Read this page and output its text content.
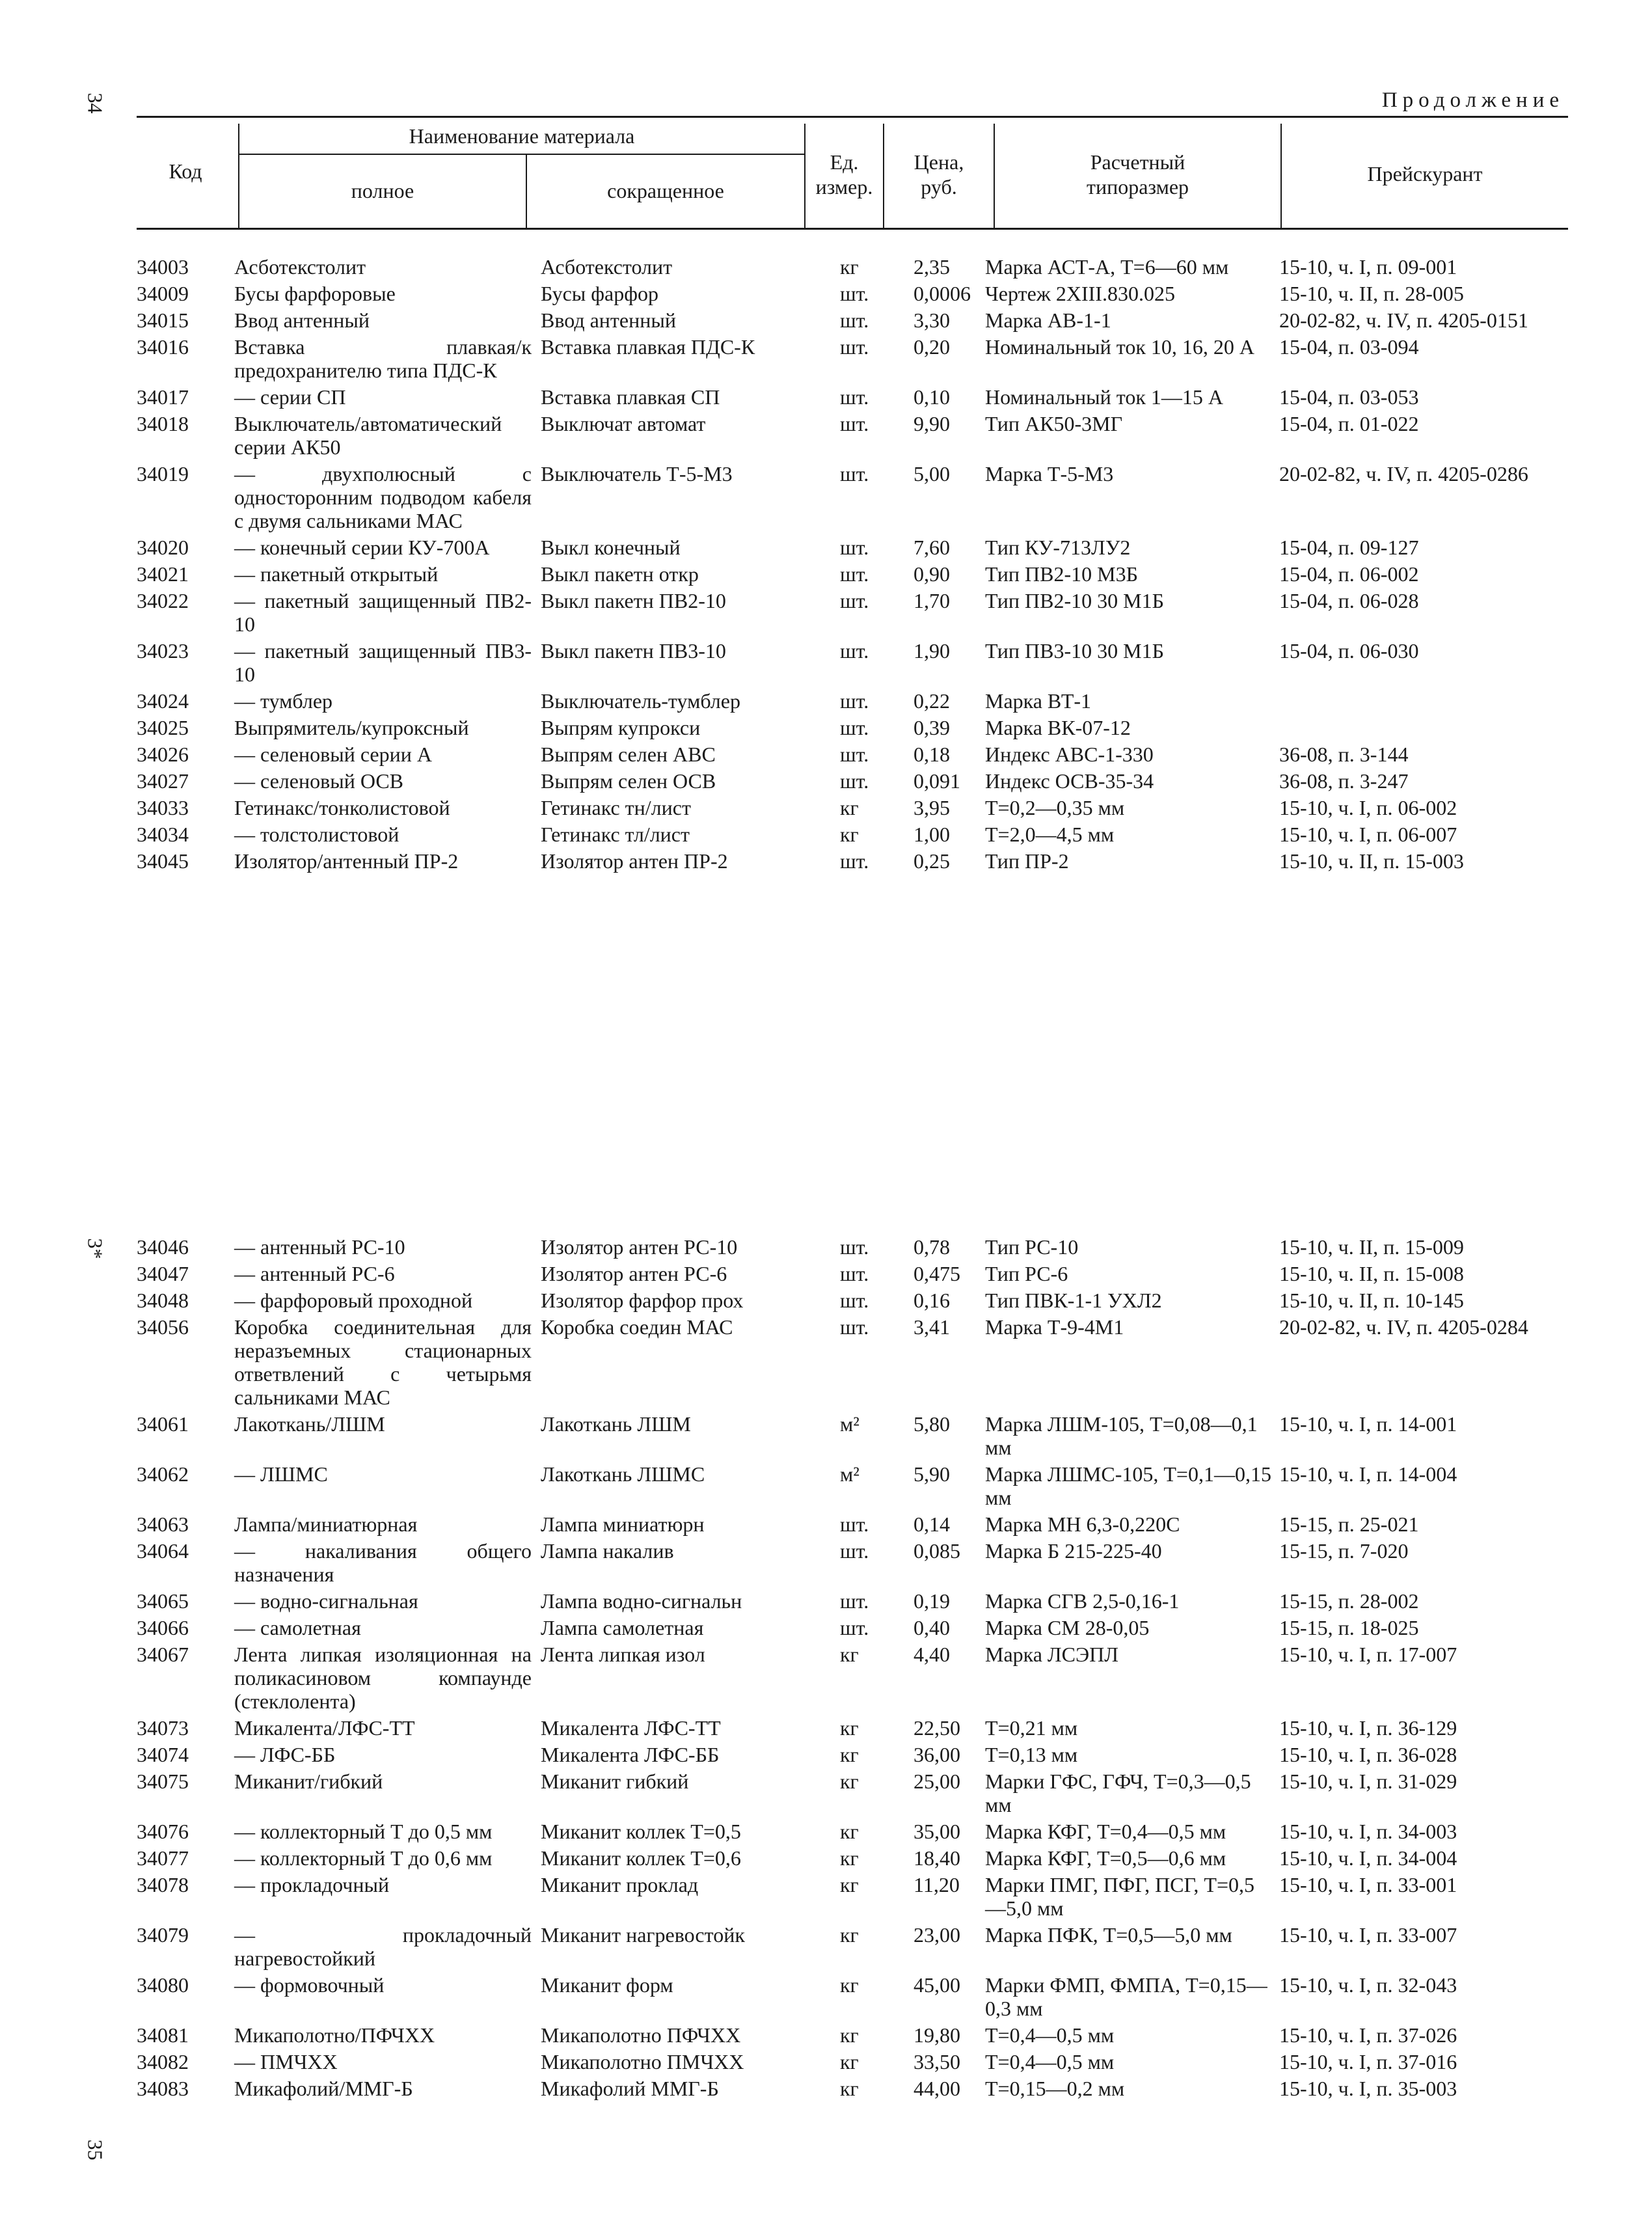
34
3*
35
Продолжение
Код
Наименование материала
полное	сокращенное
Ед.
измер.
Цена,
руб.
Расчетный
типоразмер
Прейскурант
34003	Асботекстолит	Асботекстолит	кг	2,35	Марка АСТ-А, Т=6—60 мм	15-10, ч. I, п. 09-001
34009	Бусы фарфоровые	Бусы фарфор	шт.	0,0006	Чертеж 2XIII.830.025	15-10, ч. II, п. 28-005
34015	Ввод антенный	Ввод антенный	шт.	3,30	Марка АВ-1-1	20-02-82, ч. IV, п. 4205-0151
34016	Вставка плавкая/к предохранителю типа ПДС-К	Вставка плавкая ПДС-К	шт.	0,20	Номинальный ток 10, 16, 20 А	15-04, п. 03-094
34017	— серии СП	Вставка плавкая СП	шт.	0,10	Номинальный ток 1—15 А	15-04, п. 03-053
34018	Выключатель/автоматический серии АК50	Выключат автомат	шт.	9,90	Тип АК50-3МГ	15-04, п. 01-022
34019	— двухполюсный с односторонним подводом кабеля с двумя сальниками МАС	Выключатель Т-5-М3	шт.	5,00	Марка Т-5-М3	20-02-82, ч. IV, п. 4205-0286
34020	— конечный серии КУ-700А	Выкл конечный	шт.	7,60	Тип КУ-713ЛУ2	15-04, п. 09-127
34021	— пакетный открытый	Выкл пакетн откр	шт.	0,90	Тип ПВ2-10 М3Б	15-04, п. 06-002
34022	— пакетный защищенный ПВ2-10	Выкл пакетн ПВ2-10	шт.	1,70	Тип ПВ2-10 30 М1Б	15-04, п. 06-028
34023	— пакетный защищенный ПВ3-10	Выкл пакетн ПВ3-10	шт.	1,90	Тип ПВ3-10 30 М1Б	15-04, п. 06-030
34024	— тумблер	Выключатель-тумблер	шт.	0,22	Марка ВТ-1	
34025	Выпрямитель/купроксный	Выпрям купрокси	шт.	0,39	Марка ВК-07-12	
34026	— селеновый серии А	Выпрям селен АВС	шт.	0,18	Индекс АВС-1-330	36-08, п. 3-144
34027	— селеновый ОСВ	Выпрям селен ОСВ	шт.	0,091	Индекс ОСВ-35-34	36-08, п. 3-247
34033	Гетинакс/тонколистовой	Гетинакс тн/лист	кг	3,95	Т=0,2—0,35 мм	15-10, ч. I, п. 06-002
34034	— толстолистовой	Гетинакс тл/лист	кг	1,00	Т=2,0—4,5 мм	15-10, ч. I, п. 06-007
34045	Изолятор/антенный ПР-2	Изолятор антен ПР-2	шт.	0,25	Тип ПР-2	15-10, ч. II, п. 15-003
34046	— антенный РС-10	Изолятор антен РС-10	шт.	0,78	Тип РС-10	15-10, ч. II, п. 15-009
34047	— антенный РС-6	Изолятор антен РС-6	шт.	0,475	Тип РС-6	15-10, ч. II, п. 15-008
34048	— фарфоровый проходной	Изолятор фарфор прох	шт.	0,16	Тип ПВК-1-1 УХЛ2	15-10, ч. II, п. 10-145
34056	Коробка соединительная для неразъемных стационарных ответвлений с четырьмя сальниками МАС	Коробка соедин МАС	шт.	3,41	Марка Т-9-4М1	20-02-82, ч. IV, п. 4205-0284
34061	Лакоткань/ЛШМ	Лакоткань ЛШМ	м²	5,80	Марка ЛШМ-105, Т=0,08—0,1 мм	15-10, ч. I, п. 14-001
34062	— ЛШМС	Лакоткань ЛШМС	м²	5,90	Марка ЛШМС-105, Т=0,1—0,15 мм	15-10, ч. I, п. 14-004
34063	Лампа/миниатюрная	Лампа миниатюрн	шт.	0,14	Марка МН 6,3-0,220С	15-15, п. 25-021
34064	— накаливания общего назначения	Лампа накалив	шт.	0,085	Марка Б 215-225-40	15-15, п. 7-020
34065	— водно-сигнальная	Лампа водно-сигнальн	шт.	0,19	Марка СГВ 2,5-0,16-1	15-15, п. 28-002
34066	— самолетная	Лампа самолетная	шт.	0,40	Марка СМ 28-0,05	15-15, п. 18-025
34067	Лента липкая изоляционная на поликасиновом компаунде (стеклолента)	Лента липкая изол	кг	4,40	Марка ЛСЭПЛ	15-10, ч. I, п. 17-007
34073	Микалента/ЛФС-ТТ	Микалента ЛФС-ТТ	кг	22,50	Т=0,21 мм	15-10, ч. I, п. 36-129
34074	— ЛФС-ББ	Микалента ЛФС-ББ	кг	36,00	Т=0,13 мм	15-10, ч. I, п. 36-028
34075	Миканит/гибкий	Миканит гибкий	кг	25,00	Марки ГФС, ГФЧ, Т=0,3—0,5 мм	15-10, ч. I, п. 31-029
34076	— коллекторный Т до 0,5 мм	Миканит коллек Т=0,5	кг	35,00	Марка КФГ, Т=0,4—0,5 мм	15-10, ч. I, п. 34-003
34077	— коллекторный Т до 0,6 мм	Миканит коллек Т=0,6	кг	18,40	Марка КФГ, Т=0,5—0,6 мм	15-10, ч. I, п. 34-004
34078	— прокладочный	Миканит проклад	кг	11,20	Марки ПМГ, ПФГ, ПСГ, Т=0,5—5,0 мм	15-10, ч. I, п. 33-001
34079	— прокладочный нагревостойкий	Миканит нагревостойк	кг	23,00	Марка ПФК, Т=0,5—5,0 мм	15-10, ч. I, п. 33-007
34080	— формовочный	Миканит форм	кг	45,00	Марки ФМП, ФМПА, Т=0,15—0,3 мм	15-10, ч. I, п. 32-043
34081	Микаполотно/ПФЧХХ	Микаполотно ПФЧХХ	кг	19,80	Т=0,4—0,5 мм	15-10, ч. I, п. 37-026
34082	— ПМЧХХ	Микаполотно ПМЧХХ	кг	33,50	Т=0,4—0,5 мм	15-10, ч. I, п. 37-016
34083	Микафолий/ММГ-Б	Микафолий ММГ-Б	кг	44,00	Т=0,15—0,2 мм	15-10, ч. I, п. 35-003
